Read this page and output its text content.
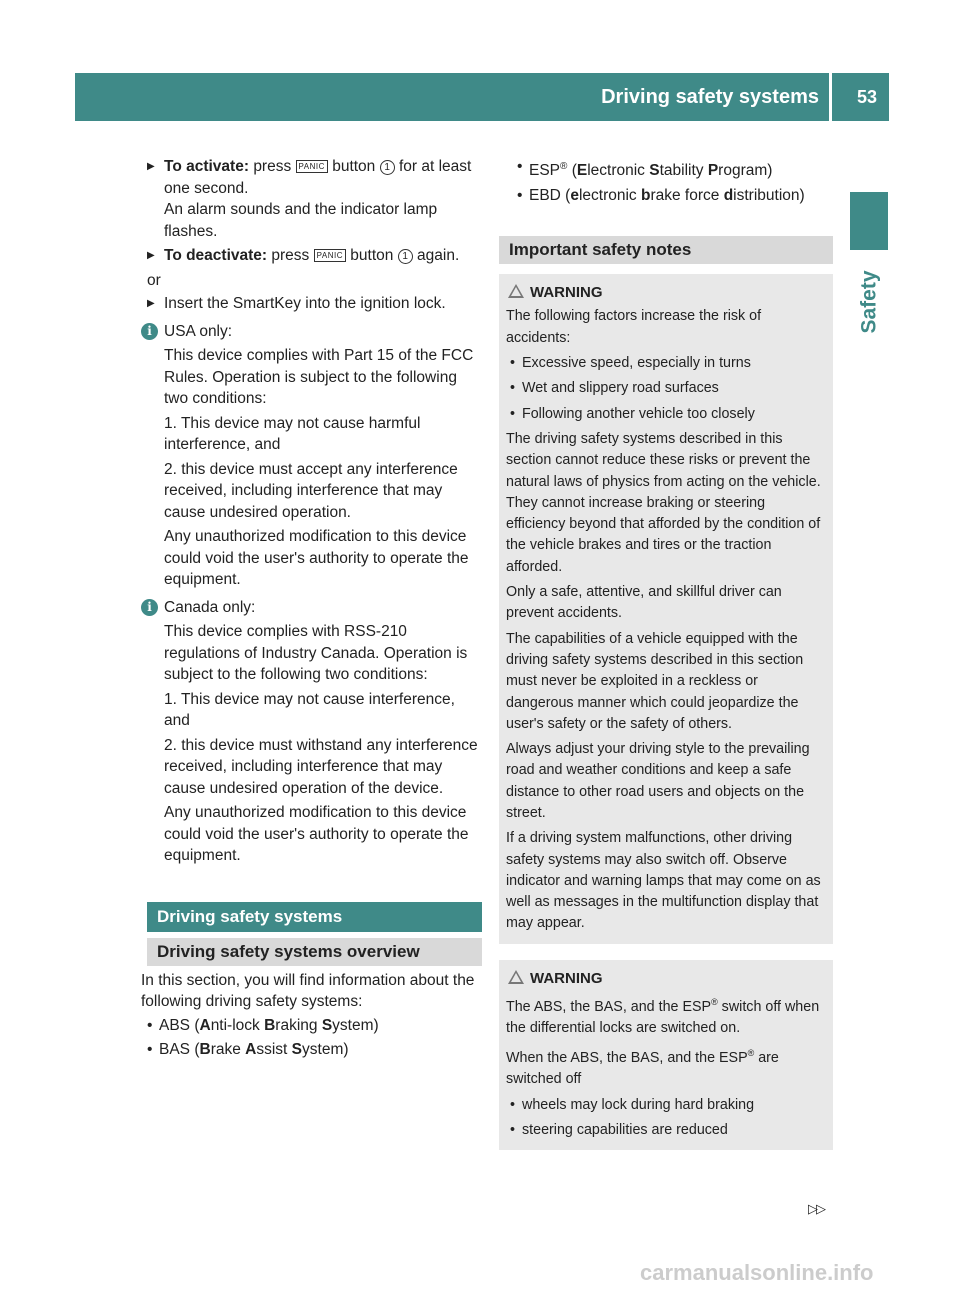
Driving safety systems 53
Safety
▶ To activate: press PANIC button 1 for at least one second.

An alarm sounds and the indicator lamp flashes.

▶ To deactivate: press PANIC button 1 again.

or

▶ Insert the SmartKey into the ignition lock.

i USA only:

This device complies with Part 15 of the FCC Rules. Operation is subject to the following two conditions:

1. This device may not cause harmful interference, and

2. this device must accept any interference received, including interference that may cause undesired operation.

Any unauthorized modification to this device could void the user's authority to operate the equipment.

i Canada only:

This device complies with RSS-210 regulations of Industry Canada. Operation is subject to the following two conditions:

1. This device may not cause interference, and

2. this device must withstand any interference received, including interference that may cause undesired operation of the device.

Any unauthorized modification to this device could void the user's authority to operate the equipment.

Driving safety systems
Driving safety systems overview

In this section, you will find information about the following driving safety systems:

• ABS (Anti-lock Braking System)
• BAS (Brake Assist System)
• ESP® (Electronic Stability Program)
• EBD (electronic brake force distribution)
Important safety notes
WARNING

The following factors increase the risk of accidents:

• Excessive speed, especially in turns
• Wet and slippery road surfaces
• Following another vehicle too closely

The driving safety systems described in this section cannot reduce these risks or prevent the natural laws of physics from acting on the vehicle. They cannot increase braking or steering efficiency beyond that afforded by the condition of the vehicle brakes and tires or the traction afforded.

Only a safe, attentive, and skillful driver can prevent accidents.

The capabilities of a vehicle equipped with the driving safety systems described in this section must never be exploited in a reckless or dangerous manner which could jeopardize the user's safety or the safety of others.

Always adjust your driving style to the prevailing road and weather conditions and keep a safe distance to other road users and objects on the street.

If a driving system malfunctions, other driving safety systems may also switch off. Observe indicator and warning lamps that may come on as well as messages in the multifunction display that may appear.

WARNING

The ABS, the BAS, and the ESP® switch off when the differential locks are switched on.

When the ABS, the BAS, and the ESP® are switched off

• wheels may lock during hard braking
• steering capabilities are reduced
▷▷
carmanualsonline.info
